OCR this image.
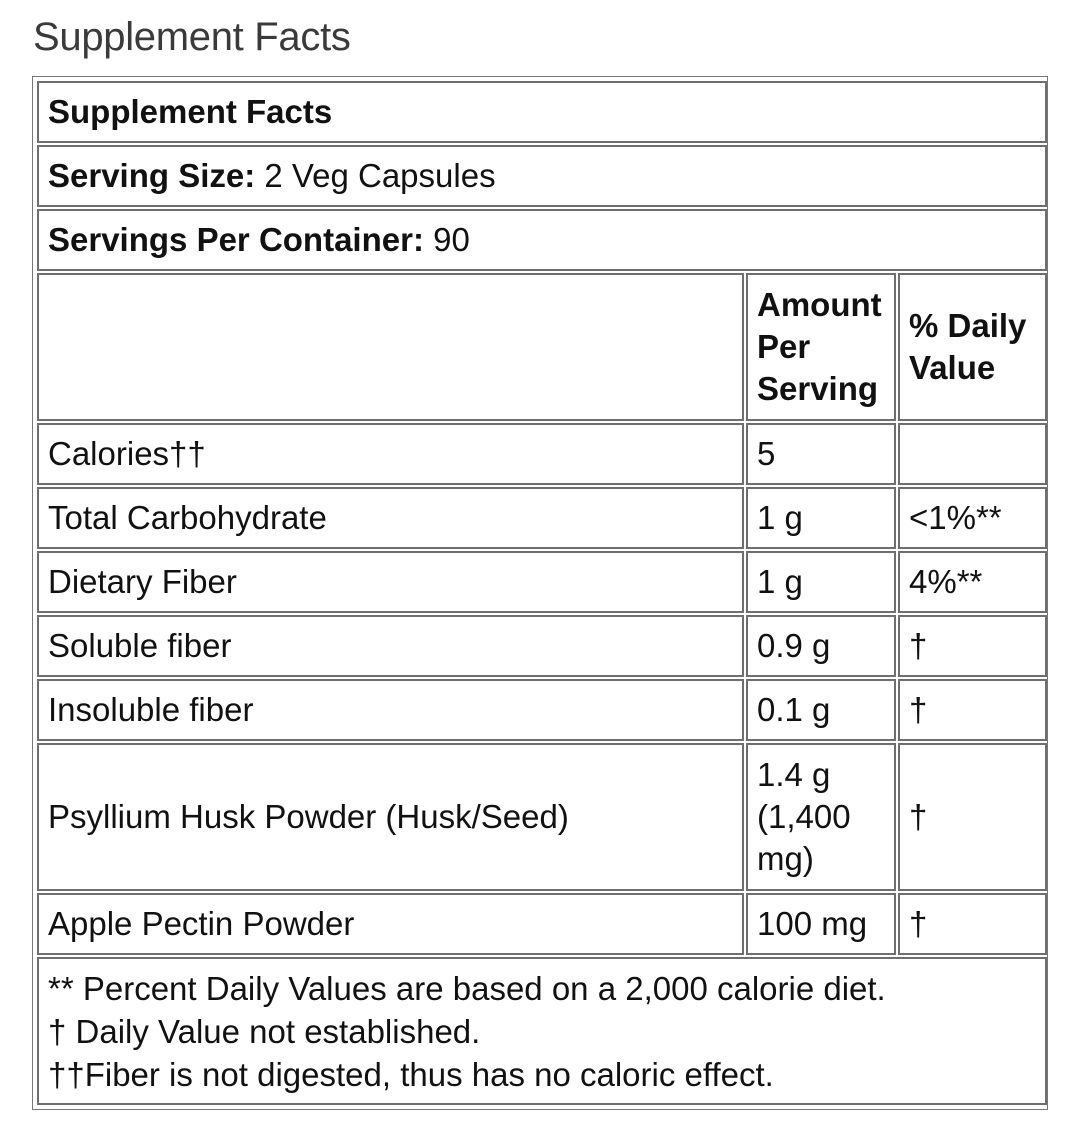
Supplement Facts
Supplement Facts		
Serving Size: 2 Veg Capsules		
Servings Per Container: 90		
	Amount Per Serving	% Daily Value
Calories††	5	
Total Carbohydrate	1 g	<1%**
Dietary Fiber	1 g	4%**
Soluble fiber	0.9 g	†
Insoluble fiber	0.1 g	†
Psyllium Husk Powder (Husk/Seed)	1.4 g (1,400 mg)	†
Apple Pectin Powder	100 mg	†

** Percent Daily Values are based on a 2,000 calorie diet.
† Daily Value not established.
††Fiber is not digested, thus has no caloric effect.		
